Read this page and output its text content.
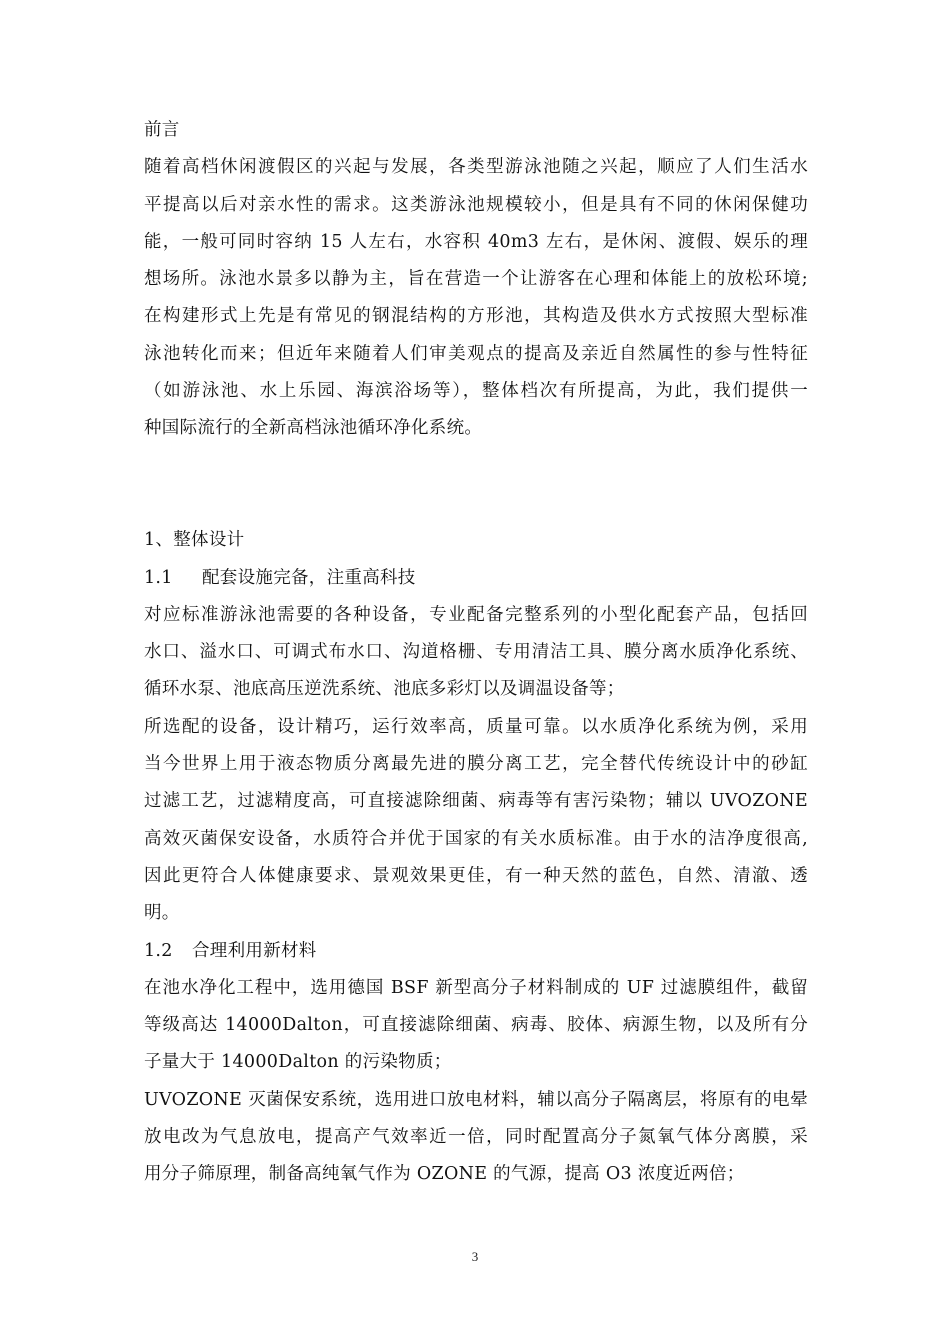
前言
随着高档休闲渡假区的兴起与发展，各类型游泳池随之兴起，顺应了人们生活水
平提高以后对亲水性的需求。这类游泳池规模较小，但是具有不同的休闲保健功
能，一般可同时容纳 15 人左右，水容积 40m3 左右，是休闲、渡假、娱乐的理
想场所。泳池水景多以静为主，旨在营造一个让游客在心理和体能上的放松环境;
在构建形式上先是有常见的钢混结构的方形池，其构造及供水方式按照大型标准
泳池转化而来；但近年来随着人们审美观点的提高及亲近自然属性的参与性特征
（如游泳池、水上乐园、海滨浴场等），整体档次有所提高，为此，我们提供一
种国际流行的全新高档泳池循环净化系统。
1、整体设计
1.1 配套设施完备，注重高科技
对应标准游泳池需要的各种设备，专业配备完整系列的小型化配套产品，包括回
水口、溢水口、可调式布水口、沟道格栅、专用清洁工具、膜分离水质净化系统、
循环水泵、池底高压逆洗系统、池底多彩灯以及调温设备等；
所选配的设备，设计精巧，运行效率高，质量可靠。以水质净化系统为例，采用
当今世界上用于液态物质分离最先进的膜分离工艺，完全替代传统设计中的砂缸
过滤工艺，过滤精度高，可直接滤除细菌、病毒等有害污染物；辅以 UVOZONE
高效灭菌保安设备，水质符合并优于国家的有关水质标准。由于水的洁净度很高,
因此更符合人体健康要求、景观效果更佳，有一种天然的蓝色，自然、清澈、透
明。
1.2 合理利用新材料
在池水净化工程中，选用德国 BSF 新型高分子材料制成的 UF 过滤膜组件，截留
等级高达 14000Dalton，可直接滤除细菌、病毒、胶体、病源生物，以及所有分
子量大于 14000Dalton 的污染物质；
UVOZONE 灭菌保安系统，选用进口放电材料，辅以高分子隔离层，将原有的电晕
放电改为气息放电，提高产气效率近一倍，同时配置高分子氮氧气体分离膜，采
用分子筛原理，制备高纯氧气作为 OZONE 的气源，提高 O3 浓度近两倍；
3
